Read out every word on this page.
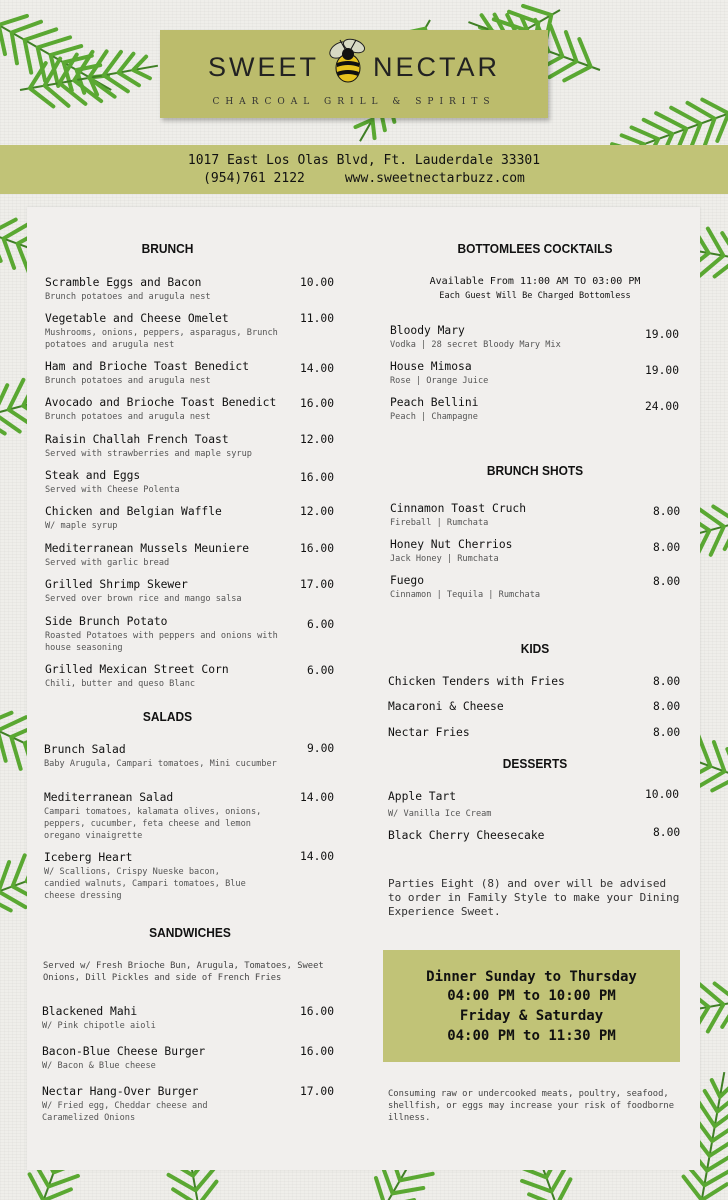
SWEET NECTAR
CHARCOAL GRILL & SPIRITS
1017 East Los Olas Blvd, Ft. Lauderdale 33301
(954)761 2122	www.sweetnectarbuzz.com
BRUNCH
Scramble Eggs and Bacon
Brunch potatoes and arugula nest
10.00
Vegetable and Cheese Omelet
Mushrooms, onions, peppers, asparagus, Brunch potatoes and arugula nest
11.00
Ham and Brioche Toast Benedict
Brunch potatoes and arugula nest
14.00
Avocado and Brioche Toast Benedict
Brunch potatoes and arugula nest
16.00
Raisin Challah French Toast
Served with strawberries and maple syrup
12.00
Steak and Eggs
Served with Cheese Polenta
16.00
Chicken and Belgian Waffle
W/ maple syrup
12.00
Mediterranean Mussels Meuniere
Served with garlic bread
16.00
Grilled Shrimp Skewer
Served over brown rice and mango salsa
17.00
Side Brunch Potato
Roasted Potatoes with peppers and onions with house seasoning
6.00
Grilled Mexican Street Corn
Chili, butter and queso Blanc
6.00
SALADS
Brunch Salad
Baby Arugula, Campari tomatoes, Mini cucumber
9.00
Mediterranean Salad
Campari tomatoes, kalamata olives, onions, peppers, cucumber, feta cheese and lemon oregano vinaigrette
14.00
Iceberg Heart
W/ Scallions, Crispy Nueske bacon, candied walnuts, Campari tomatoes, Blue cheese dressing
14.00
SANDWICHES
Served w/ Fresh Brioche Bun, Arugula, Tomatoes, Sweet Onions, Dill Pickles and side of French Fries
Blackened Mahi
W/ Pink chipotle aioli
16.00
Bacon-Blue Cheese Burger
W/ Bacon & Blue cheese
16.00
Nectar Hang-Over Burger
W/ Fried egg, Cheddar cheese and Caramelized Onions
17.00
BOTTOMLEES COCKTAILS
Available From 11:00 AM TO 03:00 PM
Each Guest Will Be Charged Bottomless
Bloody Mary
Vodka | 28 secret Bloody Mary Mix
19.00
House Mimosa
Rose | Orange Juice
19.00
Peach Bellini
Peach | Champagne
24.00
BRUNCH SHOTS
Cinnamon Toast Cruch
Fireball | Rumchata
8.00
Honey Nut Cherrios
Jack Honey | Rumchata
8.00
Fuego
Cinnamon | Tequila | Rumchata
8.00
KIDS
Chicken Tenders with Fries	8.00
Macaroni & Cheese	8.00
Nectar Fries	8.00
DESSERTS
Apple Tart
W/ Vanilla Ice Cream
10.00
Black Cherry Cheesecake	8.00
Parties Eight (8) and over will be advised to order in Family Style to make your Dining Experience Sweet.
Dinner Sunday to Thursday
04:00 PM to 10:00 PM
Friday & Saturday
04:00 PM to 11:30 PM
Consuming raw or undercooked meats, poultry, seafood, shellfish, or eggs may increase your risk of foodborne illness.
